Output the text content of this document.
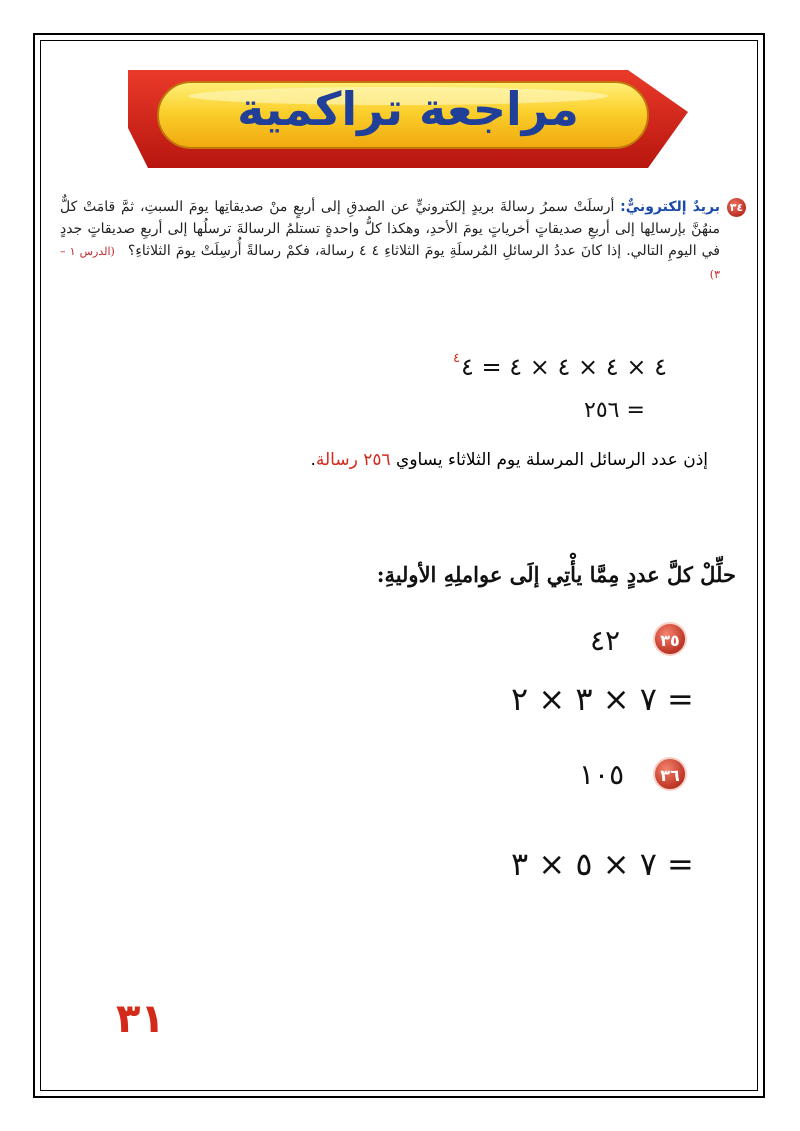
مراجعة تراكمية
٣٤
بريدٌ إلكترونيٌّ: أرسلَتْ سمرُ رسالةَ بريدٍ إلكترونيٍّ عن الصدقِ إلى أربعٍ منْ صديقاتِها يومَ السبتِ، ثمَّ قامَتْ كلٌّ منهُنَّ بإرسالِها إلى أربعِ صديقاتٍ أخرياتٍ يومَ الأحدِ، وهكذا كلُّ واحدةٍ تستلمُ الرسالةَ ترسلُها إلى أربعِ صديقاتٍ جددٍ في اليومِ التالي. إذا كانَ عددُ الرسائلِ المُرسلَةِ يومَ الثلاثاءِ ٤ ٤ رسالة، فكمْ رسالةً أُرسِلَتْ يومَ الثلاثاءِ؟ (الدرس ١ – ٣)
٤ × ٤ × ٤ × ٤ = $^٤$٤
٢٥٦ =
إذن عدد الرسائل المرسلة يوم الثلاثاء يساوي ٢٥٦ رسالة.
حلِّلْ كلَّ عددٍ مِمَّا يأْتِي إلَى عواملِهِ الأوليةِ:
٣٥
٤٢
٧ × ٣ × ٢ =
٣٦
١٠٥
٧ × ٥ × ٣ =
٣١
